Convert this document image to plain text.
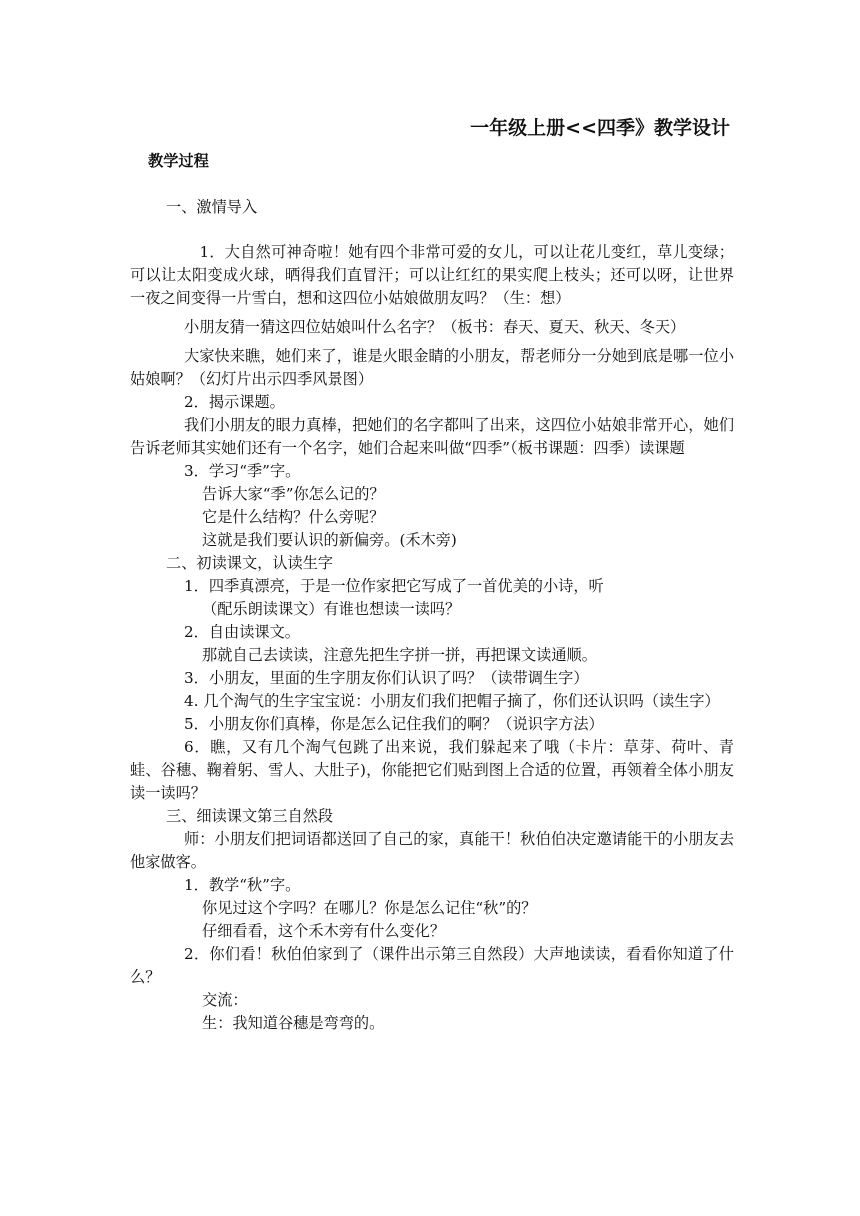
一年级上册<<四季》教学设计

教学过程

一、激情导入

　1．大自然可神奇啦！她有四个非常可爱的女儿，可以让花儿变红，草儿变绿；可以让太阳变成火球，晒得我们直冒汗；可以让红红的果实爬上枝头；还可以呀，让世界一夜之间变得一片雪白，想和这四位小姑娘做朋友吗？（生：想）

小朋友猜一猜这四位姑娘叫什么名字？（板书：春天、夏天、秋天、冬天）

大家快来瞧，她们来了，谁是火眼金睛的小朋友，帮老师分一分她到底是哪一位小姑娘啊？（幻灯片出示四季风景图）

2．揭示课题。

我们小朋友的眼力真棒，把她们的名字都叫了出来，这四位小姑娘非常开心，她们告诉老师其实她们还有一个名字，她们合起来叫做“四季”（板书课题：四季）读课题

3．学习“季”字。

告诉大家“季”你怎么记的？

它是什么结构？什么旁呢？

这就是我们要认识的新偏旁。(禾木旁)

二、初读课文，认读生字

1．四季真漂亮，于是一位作家把它写成了一首优美的小诗，听

（配乐朗读课文）有谁也想读一读吗？

2．自由读课文。

那就自己去读读，注意先把生字拼一拼，再把课文读通顺。

3．小朋友，里面的生字朋友你们认识了吗？（读带调生字）

4. 几个淘气的生字宝宝说：小朋友们我们把帽子摘了，你们还认识吗（读生字）

5．小朋友你们真棒，你是怎么记住我们的啊？（说识字方法）

6．瞧，又有几个淘气包跳了出来说，我们躲起来了哦（卡片：草芽、荷叶、青蛙、谷穗、鞠着躬、雪人、大肚子)，你能把它们贴到图上合适的位置，再领着全体小朋友读一读吗？

三、细读课文第三自然段

师：小朋友们把词语都送回了自己的家，真能干！秋伯伯决定邀请能干的小朋友去他家做客。

1．教学“秋”字。

你见过这个字吗？在哪儿？你是怎么记住“秋”的？

仔细看看，这个禾木旁有什么变化？

2．你们看！秋伯伯家到了（课件出示第三自然段）大声地读读，看看你知道了什么？

交流：

生：我知道谷穗是弯弯的。
